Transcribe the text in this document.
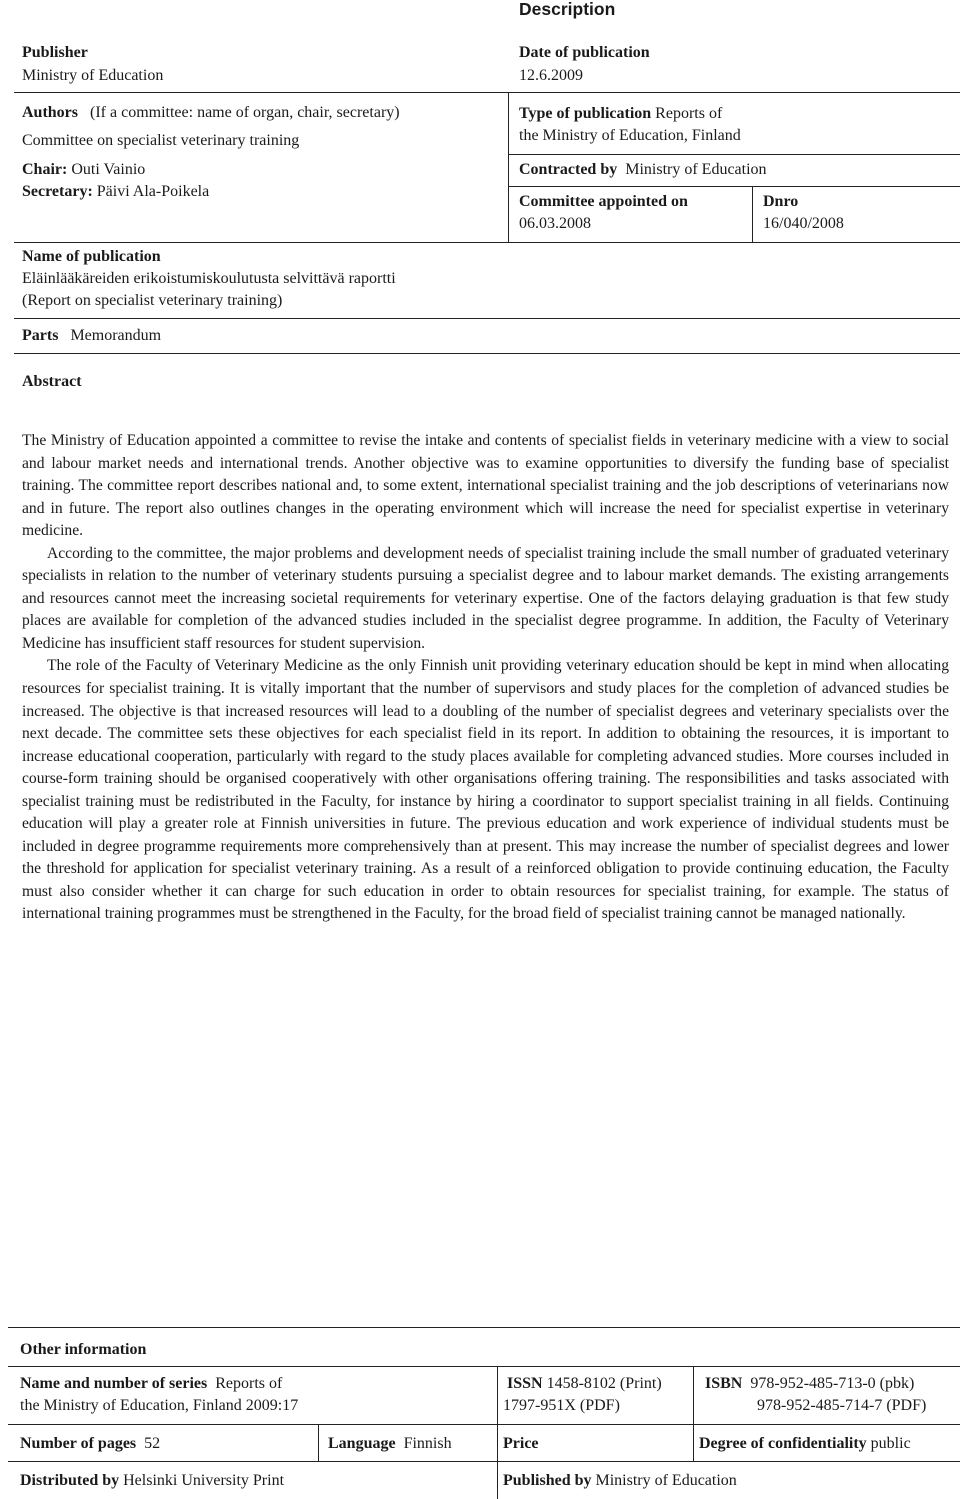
Description
Publisher
Ministry of Education
Date of publication
12.6.2009
Authors (If a committee: name of organ, chair, secretary)
Committee on specialist veterinary training
Chair: Outi Vainio
Secretary: Päivi Ala-Poikela
Type of publication Reports of
the Ministry of Education, Finland
Contracted by Ministry of Education
Committee appointed on
06.03.2008
Dnro
16/040/2008
Name of publication
Eläinlääkäreiden erikoistumiskoulutusta selvittävä raportti
(Report on specialist veterinary training)
Parts Memorandum
Abstract

The Ministry of Education appointed a committee to revise the intake and contents of specialist fields in veterinary medicine with a view to social and labour market needs and international trends. Another objective was to examine opportunities to diversify the funding base of specialist training. The committee report describes national and, to some extent, international specialist training and the job descriptions of veterinarians now and in future. The report also outlines changes in the operating environment which will increase the need for specialist expertise in veterinary medicine.

According to the committee, the major problems and development needs of specialist training include the small number of graduated veterinary specialists in relation to the number of veterinary students pursuing a specialist degree and to labour market demands. The existing arrangements and resources cannot meet the increasing societal requirements for veterinary expertise. One of the factors delaying graduation is that few study places are available for completion of the advanced studies included in the specialist degree programme. In addition, the Faculty of Veterinary Medicine has insufficient staff resources for student supervision.

The role of the Faculty of Veterinary Medicine as the only Finnish unit providing veterinary education should be kept in mind when allocating resources for specialist training. It is vitally important that the number of supervisors and study places for the completion of advanced studies be increased. The objective is that increased resources will lead to a doubling of the number of specialist degrees and veterinary specialists over the next decade. The committee sets these objectives for each specialist field in its report. In addition to obtaining the resources, it is important to increase educational cooperation, particularly with regard to the study places available for completing advanced studies. More courses included in course-form training should be organised cooperatively with other organisations offering training. The responsibilities and tasks associated with specialist training must be redistributed in the Faculty, for instance by hiring a coordinator to support specialist training in all fields. Continuing education will play a greater role at Finnish universities in future. The previous education and work experience of individual students must be included in degree programme requirements more comprehensively than at present. This may increase the number of specialist degrees and lower the threshold for application for specialist veterinary training. As a result of a reinforced obligation to provide continuing education, the Faculty must also consider whether it can charge for such education in order to obtain resources for specialist training, for example. The status of international training programmes must be strengthened in the Faculty, for the broad field of specialist training cannot be managed nationally.

Other information
Name and number of series Reports of
the Ministry of Education, Finland 2009:17
ISSN 1458-8102 (Print)
1797-951X (PDF)
ISBN 978-952-485-713-0 (pbk)
978-952-485-714-7 (PDF)
Number of pages 52	Language Finnish	Price	Degree of confidentiality public
Distributed by Helsinki University Print	Published by Ministry of Education
